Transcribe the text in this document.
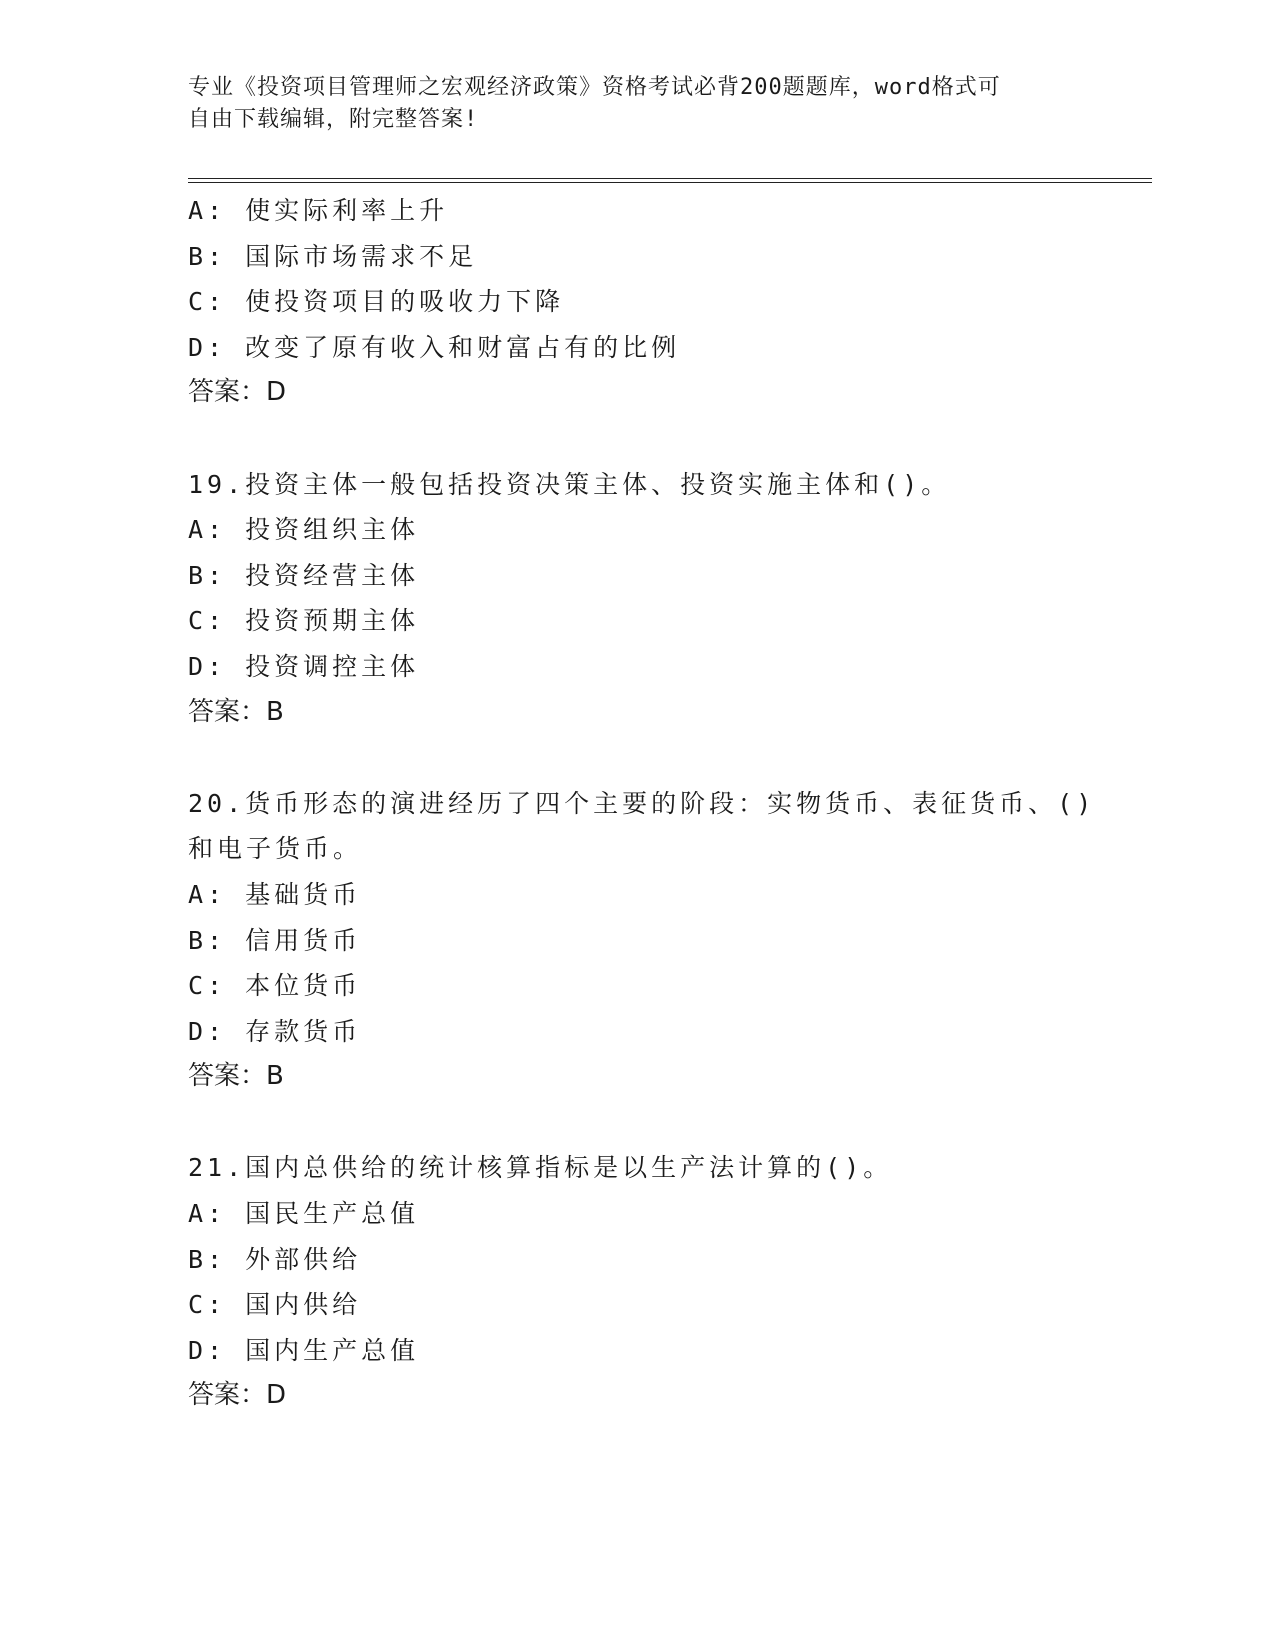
专业《投资项目管理师之宏观经济政策》资格考试必背200题题库，word格式可
自由下载编辑，附完整答案!
A: 使实际利率上升
B: 国际市场需求不足
C: 使投资项目的吸收力下降
D: 改变了原有收入和财富占有的比例
答案：D
19.投资主体一般包括投资决策主体、投资实施主体和()。
A: 投资组织主体
B: 投资经营主体
C: 投资预期主体
D: 投资调控主体
答案：B
20.货币形态的演进经历了四个主要的阶段：实物货币、表征货币、()
和电子货币。
A: 基础货币
B: 信用货币
C: 本位货币
D: 存款货币
答案：B
21.国内总供给的统计核算指标是以生产法计算的()。
A: 国民生产总值
B: 外部供给
C: 国内供给
D: 国内生产总值
答案：D
